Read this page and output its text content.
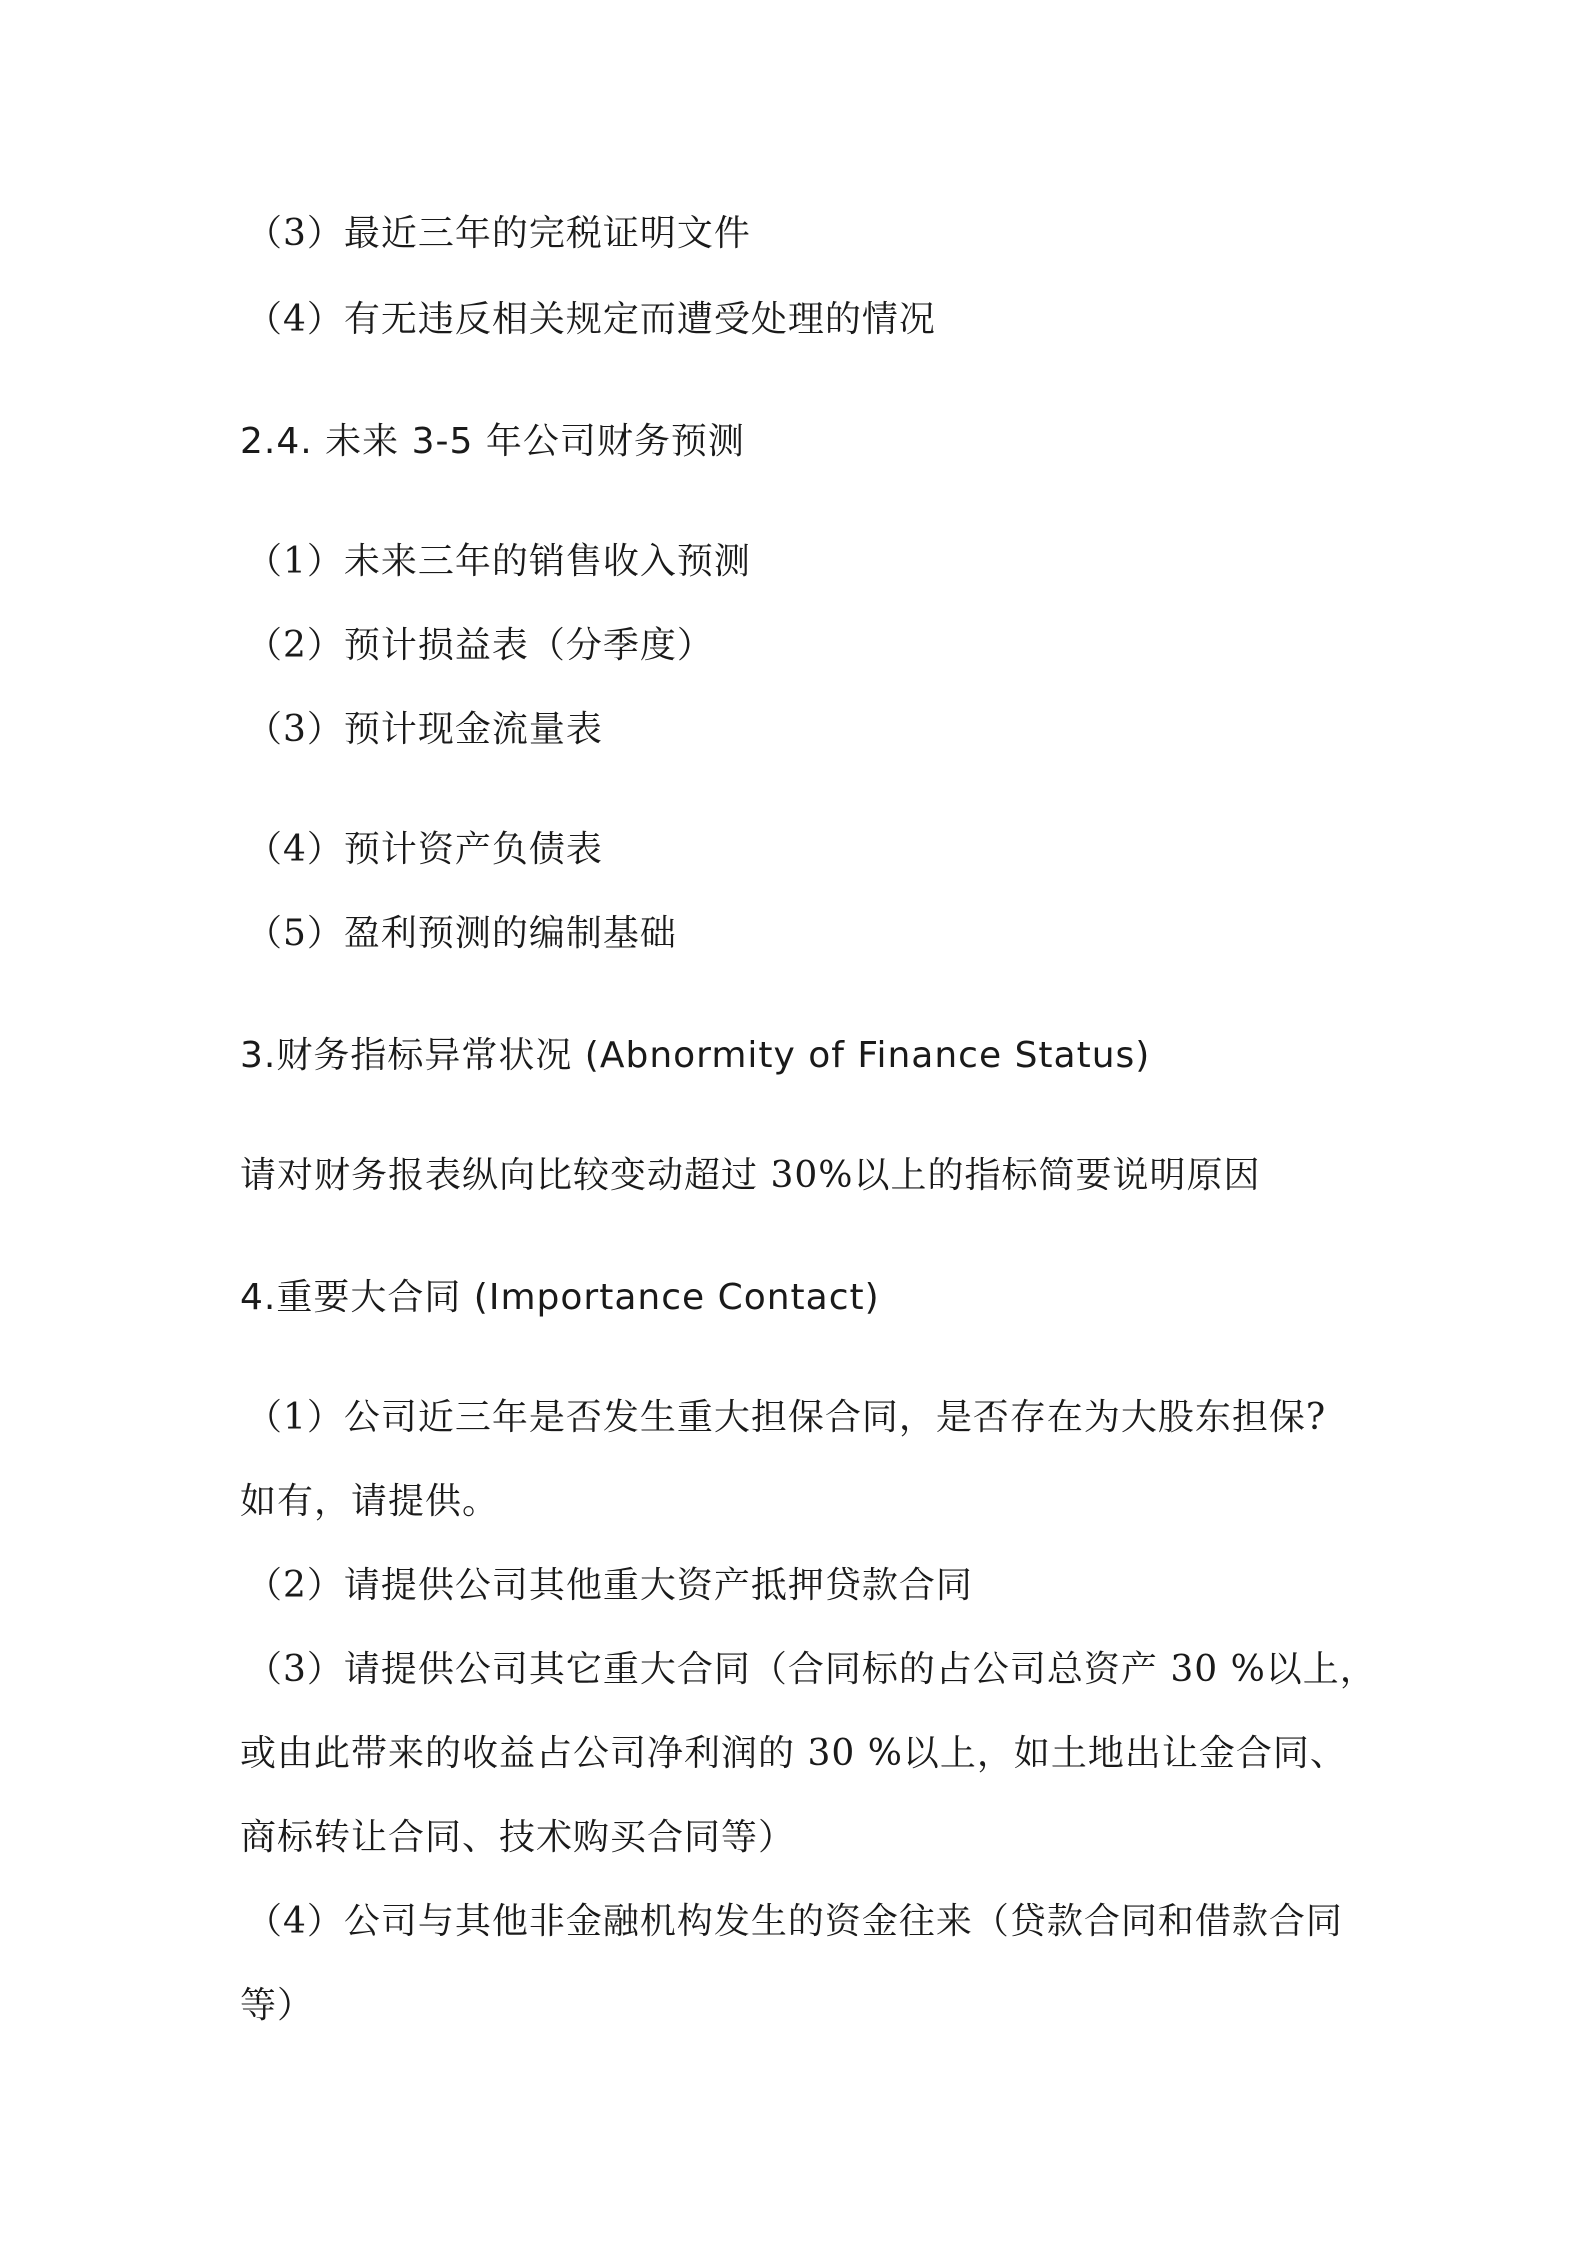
（3）最近三年的完税证明文件
（4）有无违反相关规定而遭受处理的情况
2.4. 未来 3-5 年公司财务预测
（1）未来三年的销售收入预测
（2）预计损益表（分季度）
（3）预计现金流量表
（4）预计资产负债表
（5）盈利预测的编制基础
3.财务指标异常状况 (Abnormity of Finance Status)
请对财务报表纵向比较变动超过 30%以上的指标简要说明原因
4.重要大合同 (Importance Contact)
（1）公司近三年是否发生重大担保合同，是否存在为大股东担保?
如有，请提供。
（2）请提供公司其他重大资产抵押贷款合同
（3）请提供公司其它重大合同（合同标的占公司总资产 30 %以上，
或由此带来的收益占公司净利润的 30 %以上，如土地出让金合同、
商标转让合同、技术购买合同等）
（4）公司与其他非金融机构发生的资金往来（贷款合同和借款合同
等）
